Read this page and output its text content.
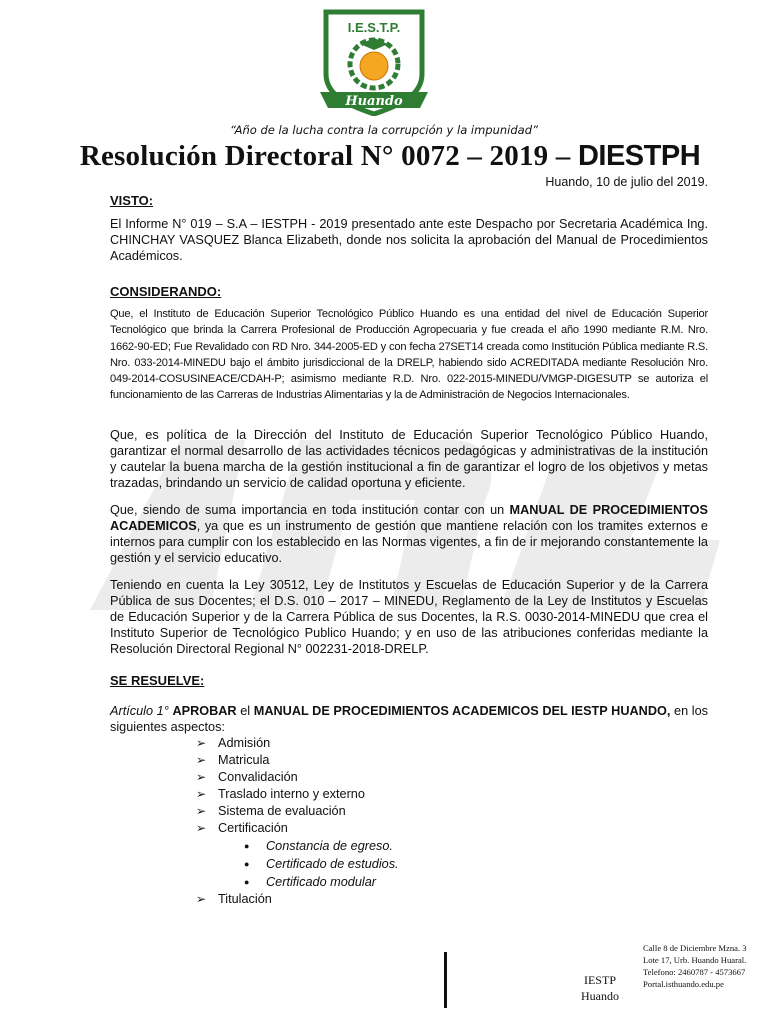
I.E.S.T.P.
Huando
“Año de la lucha contra la corrupción y la impunidad”
Resolución Directoral N° 0072 – 2019 – DIESTPH
Huando, 10 de julio del 2019.
VISTO:
El Informe N° 019 – S.A – IESTPH - 2019 presentado ante este Despacho por Secretaria Académica Ing. CHINCHAY VASQUEZ Blanca Elizabeth, donde nos solicita la aprobación del Manual de Procedimientos Académicos.
CONSIDERANDO:
Que, el Instituto de Educación Superior Tecnológico Público Huando es una entidad del nivel de Educación Superior Tecnológico que brinda la Carrera Profesional de Producción Agropecuaria y fue creada el año 1990 mediante R.M. Nro. 1662-90-ED; Fue Revalidado con RD Nro. 344-2005-ED y con fecha 27SET14 creada como Institución Pública mediante R.S. Nro. 033-2014-MINEDU bajo el ámbito jurisdiccional de la DRELP, habiendo sido ACREDITADA mediante Resolución Nro. 049-2014-COSUSINEACE/CDAH-P; asimismo mediante R.D. Nro. 022-2015-MINEDU/VMGP-DIGESUTP se autoriza el funcionamiento de las Carreras de Industrias Alimentarias y la de Administración de Negocios Internacionales.
Que, es política de la Dirección del Instituto de Educación Superior Tecnológico Público Huando, garantizar el normal desarrollo de las actividades técnicos pedagógicas y administrativas de la institución y cautelar la buena marcha de la gestión institucional a fin de garantizar el logro de los objetivos y metas trazadas, brindando un servicio de calidad oportuna y eficiente.
Que, siendo de suma importancia en toda institución contar con un MANUAL DE PROCEDIMIENTOS ACADEMICOS, ya que es un instrumento de gestión que mantiene relación con los tramites externos e internos para cumplir con los establecido en las Normas vigentes, a fin de ir mejorando constantemente la gestión y el servicio educativo.
Teniendo en cuenta la Ley 30512, Ley de Institutos y Escuelas de Educación Superior y de la Carrera Pública de sus Docentes; el D.S. 010 – 2017 – MINEDU, Reglamento de la Ley de Institutos y Escuelas de Educación Superior y de la Carrera Pública de sus Docentes, la R.S. 0030-2014-MINEDU que crea el Instituto Superior de Tecnológico Publico Huando; y en uso de las atribuciones conferidas mediante la Resolución Directoral Regional N° 002231-2018-DRELP.
SE RESUELVE:
Artículo 1° APROBAR el MANUAL DE PROCEDIMIENTOS ACADEMICOS DEL IESTP HUANDO, en los siguientes aspectos:
➢ Admisión
➢ Matricula
➢ Convalidación
➢ Traslado interno y externo
➢ Sistema de evaluación
➢ Certificación
●	Constancia de egreso.
●	Certificado de estudios.
●	Certificado modular
➢ Titulación
IESTP
Huando
Calle 8 de Diciembre Mzna. 3
Lote 17, Urb. Huando Huaral.
Telefono: 2460787 - 4573667
Portal.isthuando.edu.pe
